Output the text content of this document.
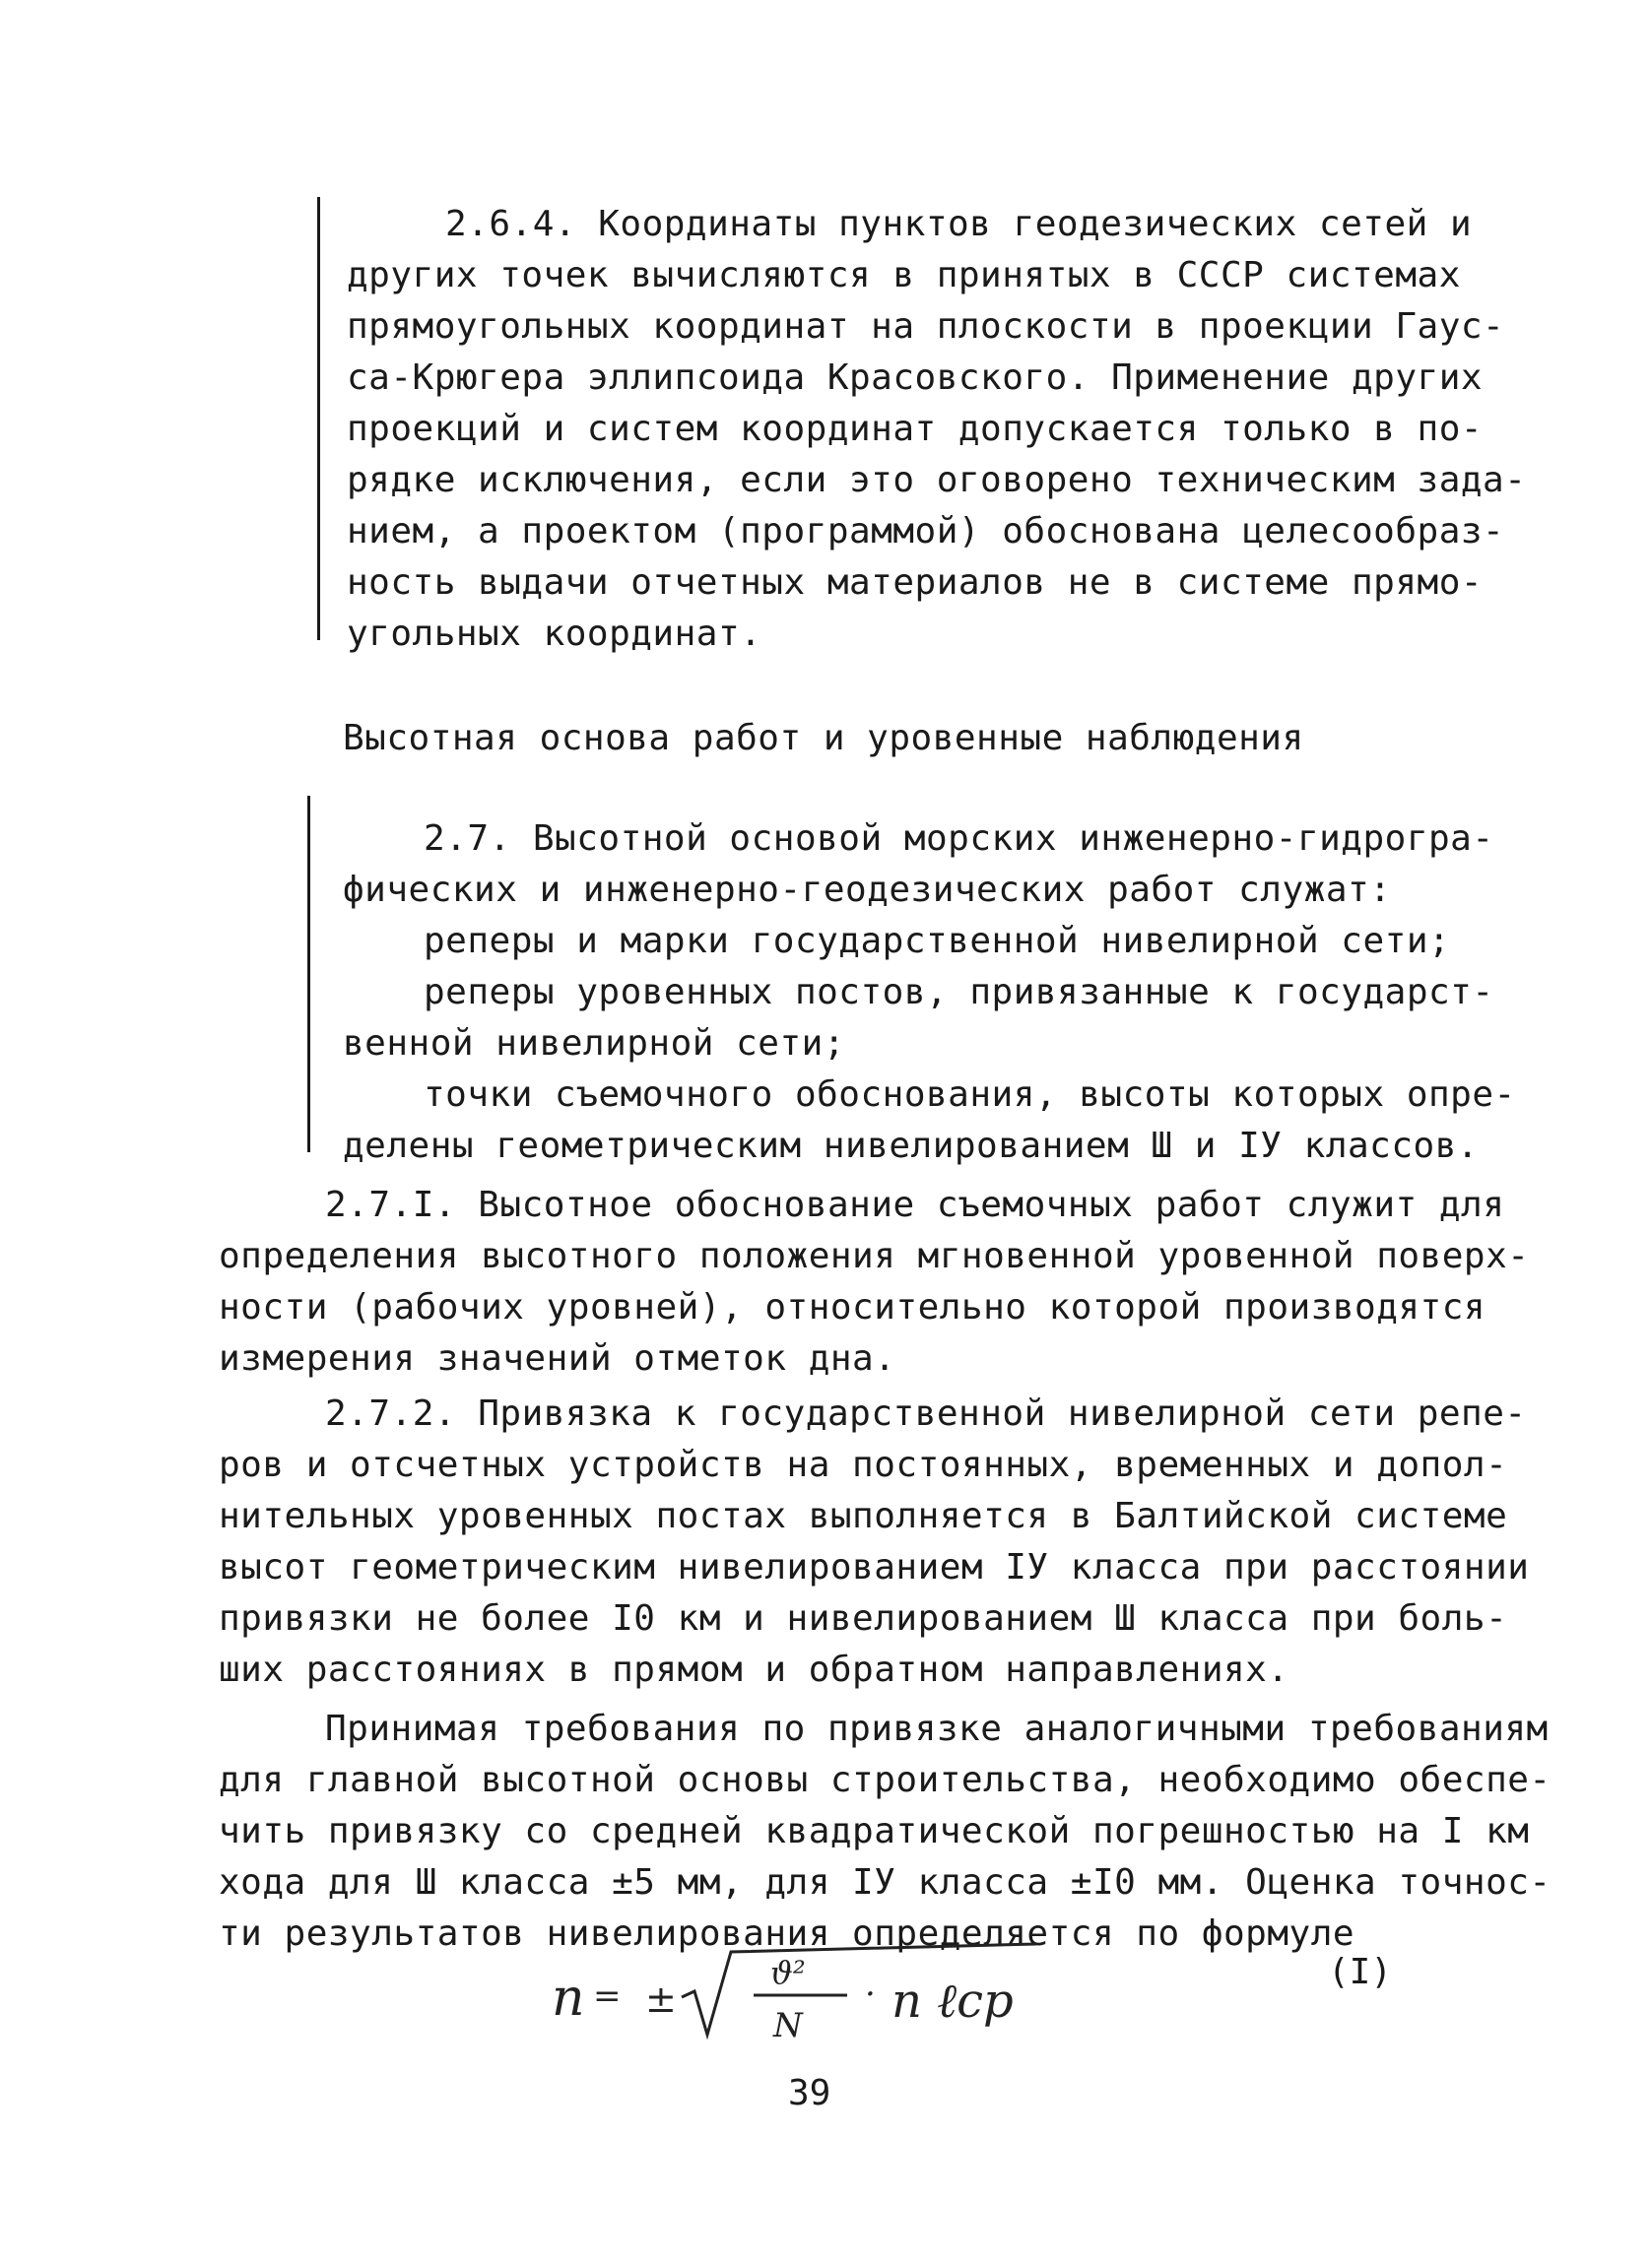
2.6.4. Координаты пунктов геодезических сетей и
других точек вычисляются в принятых в СССР системах
прямоугольных координат на плоскости в проекции Гаус-
са-Крюгера эллипсоида Красовского. Применение других
проекций и систем координат допускается только в по-
рядке исключения, если это оговорено техническим зада-
нием, а проектом (программой) обоснована целесообраз-
ность выдачи отчетных материалов не в системе прямо-
угольных координат.
Высотная основа работ и уровенные наблюдения
2.7. Высотной основой морских инженерно-гидрогра-
фических и инженерно-геодезических работ служат:
реперы и марки государственной нивелирной сети;
реперы уровенных постов, привязанные к государст-
венной нивелирной сети;
точки съемочного обоснования, высоты которых опре-
делены геометрическим нивелированием Ш и IУ классов.
2.7.I. Высотное обоснование съемочных работ служит для
определения высотного положения мгновенной уровенной поверх-
ности (рабочих уровней), относительно которой производятся
измерения значений отметок дна.
2.7.2. Привязка к государственной нивелирной сети репе-
ров и отсчетных устройств на постоянных, временных и допол-
нительных уровенных постах выполняется в Балтийской системе
высот геометрическим нивелированием IУ класса при расстоянии
привязки не более I0 км и нивелированием Ш класса при боль-
ших расстояниях в прямом и обратном направлениях.
Принимая требования по привязке аналогичными требованиям
для главной высотной основы строительства, необходимо обеспе-
чить привязку со средней квадратической погрешностью на I км
хода для Ш класса ±5 мм, для IУ класса ±I0 мм. Оценка точнос-
ти результатов нивелирования определяется по формуле
n = ±
ϑ²
N
· n ℓcp
(I)
39
